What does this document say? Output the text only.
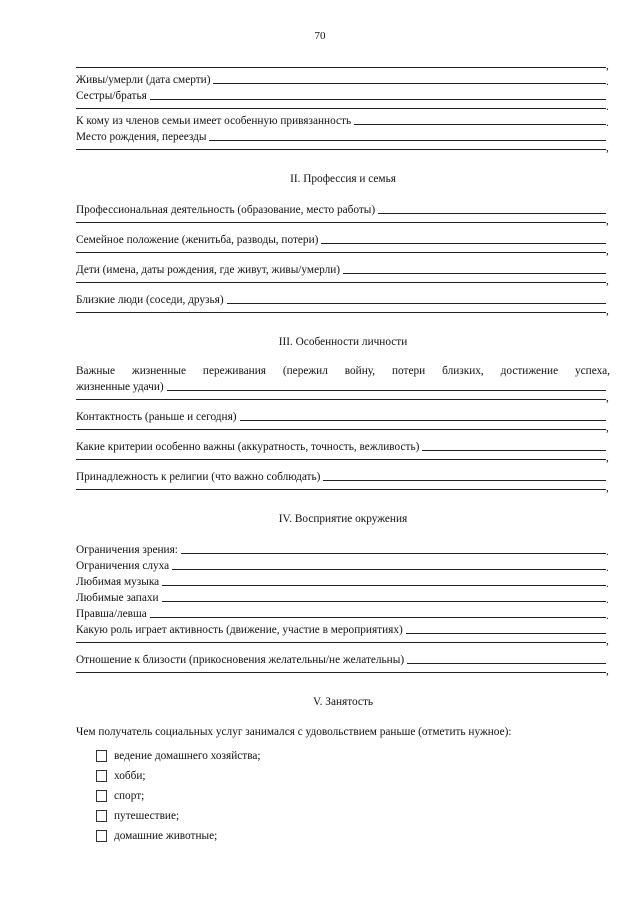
70
,
Живы/умерли (дата смерти)	.
Сестры/братья
.
К кому из членов семьи имеет особенную привязанность	.
Место рождения, переезды
,
II. Профессия и семья
Профессиональная деятельность (образование, место работы)
,
Семейное положение (женитьба, разводы, потери)
,
Дети (имена, даты рождения, где живут, живы/умерли)
,
Близкие люди (соседи, друзья)
,
III. Особенности личности
Важные жизненные переживания (пережил войну, потери близких, достижение успеха,
жизненные удачи)
,
Контактность (раньше и сегодня)
,
Какие критерии особенно важны (аккуратность, точность, вежливость)
,
Принадлежность к религии (что важно соблюдать)
,
IV. Восприятие окружения
Ограничения зрения:	.
Ограничения слуха	.
Любимая музыка	.
Любимые запахи	.
Правша/левша	.
Какую роль играет активность (движение, участие в мероприятиях)
,
Отношение к близости (прикосновения желательны/не желательны)
,
V. Занятость
Чем получатель социальных услуг занимался с удовольствием раньше (отметить нужное):
ведение домашнего хозяйства;
хобби;
спорт;
путешествие;
домашние животные;
